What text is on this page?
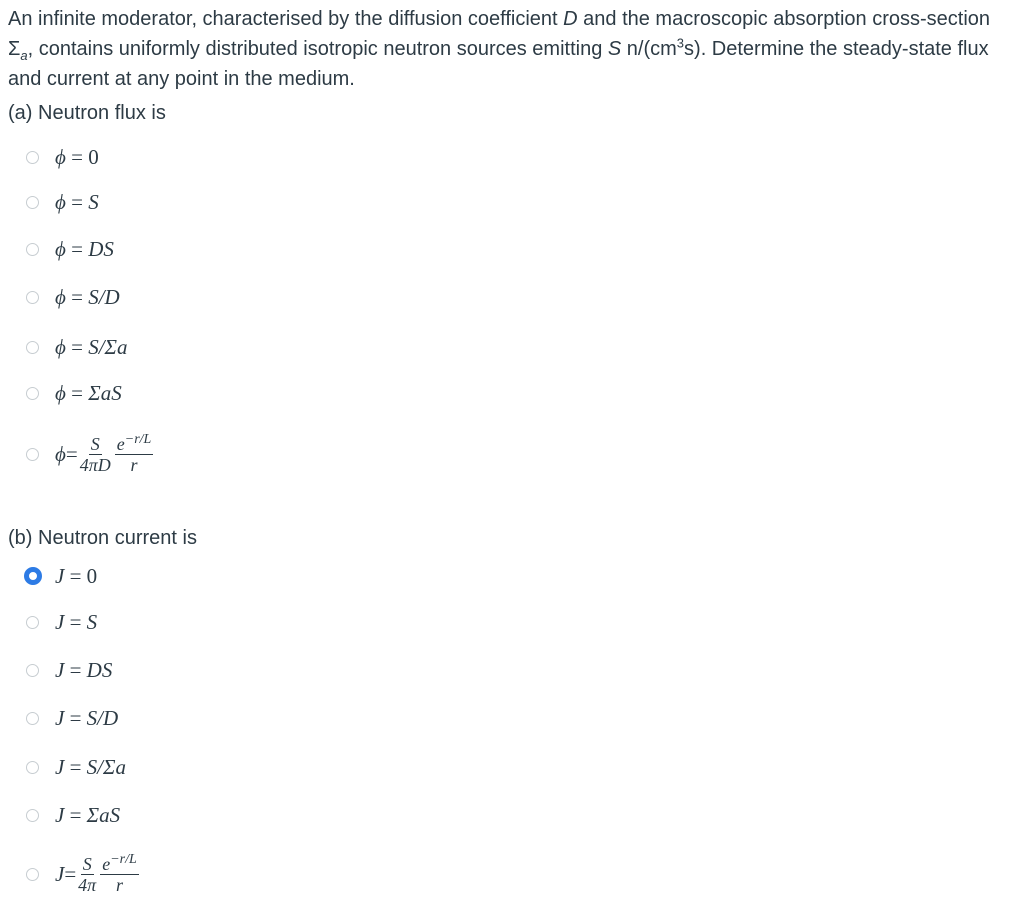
An infinite moderator, characterised by the diffusion coefficient D and the macroscopic absorption cross-section $\Sigma_a$, contains uniformly distributed isotropic neutron sources emitting S $n/(cm^3s)$. Determine the steady-state flux and current at any point in the medium.
(a) Neutron flux is
ϕ = 0
ϕ = S
ϕ = DS
ϕ = S/D
ϕ = S/Σa
ϕ = ΣaS
$\phi = \frac{S}{4\pi D} \frac{e^{-r/L}}{r}$
(b) Neutron current is
J = 0
J = S
J = DS
J = S/D
J = S/Σa
J = ΣaS
$J = \frac{S}{4\pi} \frac{e^{-r/L}}{r}$
